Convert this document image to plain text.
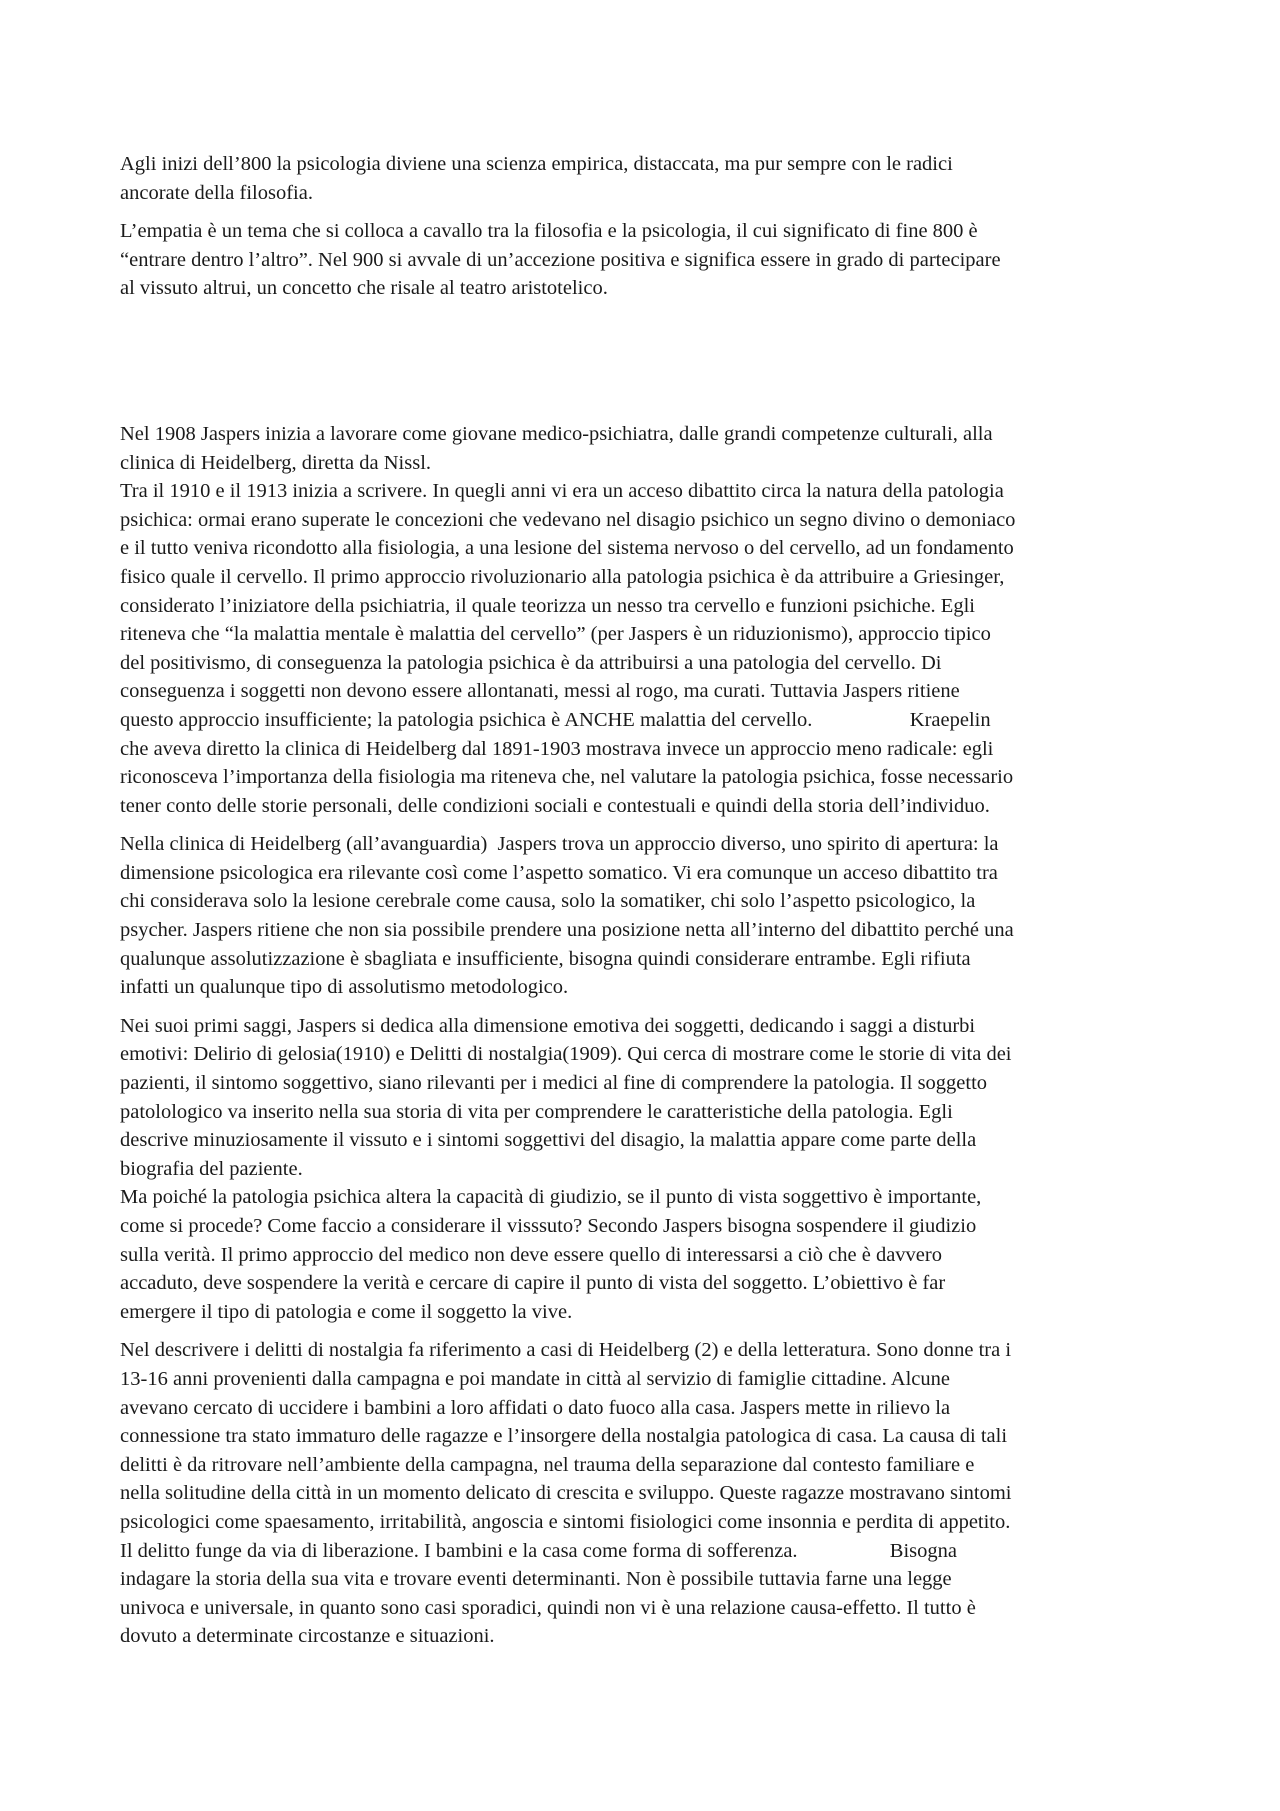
Agli inizi dell’800 la psicologia diviene una scienza empirica, distaccata, ma pur sempre con le radici
ancorate della filosofia.

L’empatia è un tema che si colloca a cavallo tra la filosofia e la psicologia, il cui significato di fine 800 è
“entrare dentro l’altro”. Nel 900 si avvale di un’accezione positiva e significa essere in grado di partecipare
al vissuto altrui, un concetto che risale al teatro aristotelico.

Nel 1908 Jaspers inizia a lavorare come giovane medico-psichiatra, dalle grandi competenze culturali, alla
clinica di Heidelberg, diretta da Nissl.
Tra il 1910 e il 1913 inizia a scrivere. In quegli anni vi era un acceso dibattito circa la natura della patologia
psichica: ormai erano superate le concezioni che vedevano nel disagio psichico un segno divino o demoniaco
e il tutto veniva ricondotto alla fisiologia, a una lesione del sistema nervoso o del cervello, ad un fondamento
fisico quale il cervello. Il primo approccio rivoluzionario alla patologia psichica è da attribuire a Griesinger,
considerato l’iniziatore della psichiatria, il quale teorizza un nesso tra cervello e funzioni psichiche. Egli
riteneva che “la malattia mentale è malattia del cervello” (per Jaspers è un riduzionismo), approccio tipico
del positivismo, di conseguenza la patologia psichica è da attribuirsi a una patologia del cervello. Di
conseguenza i soggetti non devono essere allontanati, messi al rogo, ma curati. Tuttavia Jaspers ritiene
questo approccio insufficiente; la patologia psichica è ANCHE malattia del cervello.                   Kraepelin
che aveva diretto la clinica di Heidelberg dal 1891-1903 mostrava invece un approccio meno radicale: egli
riconosceva l’importanza della fisiologia ma riteneva che, nel valutare la patologia psichica, fosse necessario
tener conto delle storie personali, delle condizioni sociali e contestuali e quindi della storia dell’individuo.

Nella clinica di Heidelberg (all’avanguardia)  Jaspers trova un approccio diverso, uno spirito di apertura: la
dimensione psicologica era rilevante così come l’aspetto somatico. Vi era comunque un acceso dibattito tra
chi considerava solo la lesione cerebrale come causa, solo la somatiker, chi solo l’aspetto psicologico, la
psycher. Jaspers ritiene che non sia possibile prendere una posizione netta all’interno del dibattito perché una
qualunque assolutizzazione è sbagliata e insufficiente, bisogna quindi considerare entrambe. Egli rifiuta
infatti un qualunque tipo di assolutismo metodologico.

Nei suoi primi saggi, Jaspers si dedica alla dimensione emotiva dei soggetti, dedicando i saggi a disturbi
emotivi: Delirio di gelosia(1910) e Delitti di nostalgia(1909). Qui cerca di mostrare come le storie di vita dei
pazienti, il sintomo soggettivo, siano rilevanti per i medici al fine di comprendere la patologia. Il soggetto
patolologico va inserito nella sua storia di vita per comprendere le caratteristiche della patologia. Egli
descrive minuziosamente il vissuto e i sintomi soggettivi del disagio, la malattia appare come parte della
biografia del paziente.
Ma poiché la patologia psichica altera la capacità di giudizio, se il punto di vista soggettivo è importante,
come si procede? Come faccio a considerare il visssuto? Secondo Jaspers bisogna sospendere il giudizio
sulla verità. Il primo approccio del medico non deve essere quello di interessarsi a ciò che è davvero
accaduto, deve sospendere la verità e cercare di capire il punto di vista del soggetto. L’obiettivo è far
emergere il tipo di patologia e come il soggetto la vive.

Nel descrivere i delitti di nostalgia fa riferimento a casi di Heidelberg (2) e della letteratura. Sono donne tra i
13-16 anni provenienti dalla campagna e poi mandate in città al servizio di famiglie cittadine. Alcune
avevano cercato di uccidere i bambini a loro affidati o dato fuoco alla casa. Jaspers mette in rilievo la
connessione tra stato immaturo delle ragazze e l’insorgere della nostalgia patologica di casa. La causa di tali
delitti è da ritrovare nell’ambiente della campagna, nel trauma della separazione dal contesto familiare e
nella solitudine della città in un momento delicato di crescita e sviluppo. Queste ragazze mostravano sintomi
psicologici come spaesamento, irritabilità, angoscia e sintomi fisiologici come insonnia e perdita di appetito.
Il delitto funge da via di liberazione. I bambini e la casa come forma di sofferenza.                  Bisogna
indagare la storia della sua vita e trovare eventi determinanti. Non è possibile tuttavia farne una legge
univoca e universale, in quanto sono casi sporadici, quindi non vi è una relazione causa-effetto. Il tutto è
dovuto a determinate circostanze e situazioni.
